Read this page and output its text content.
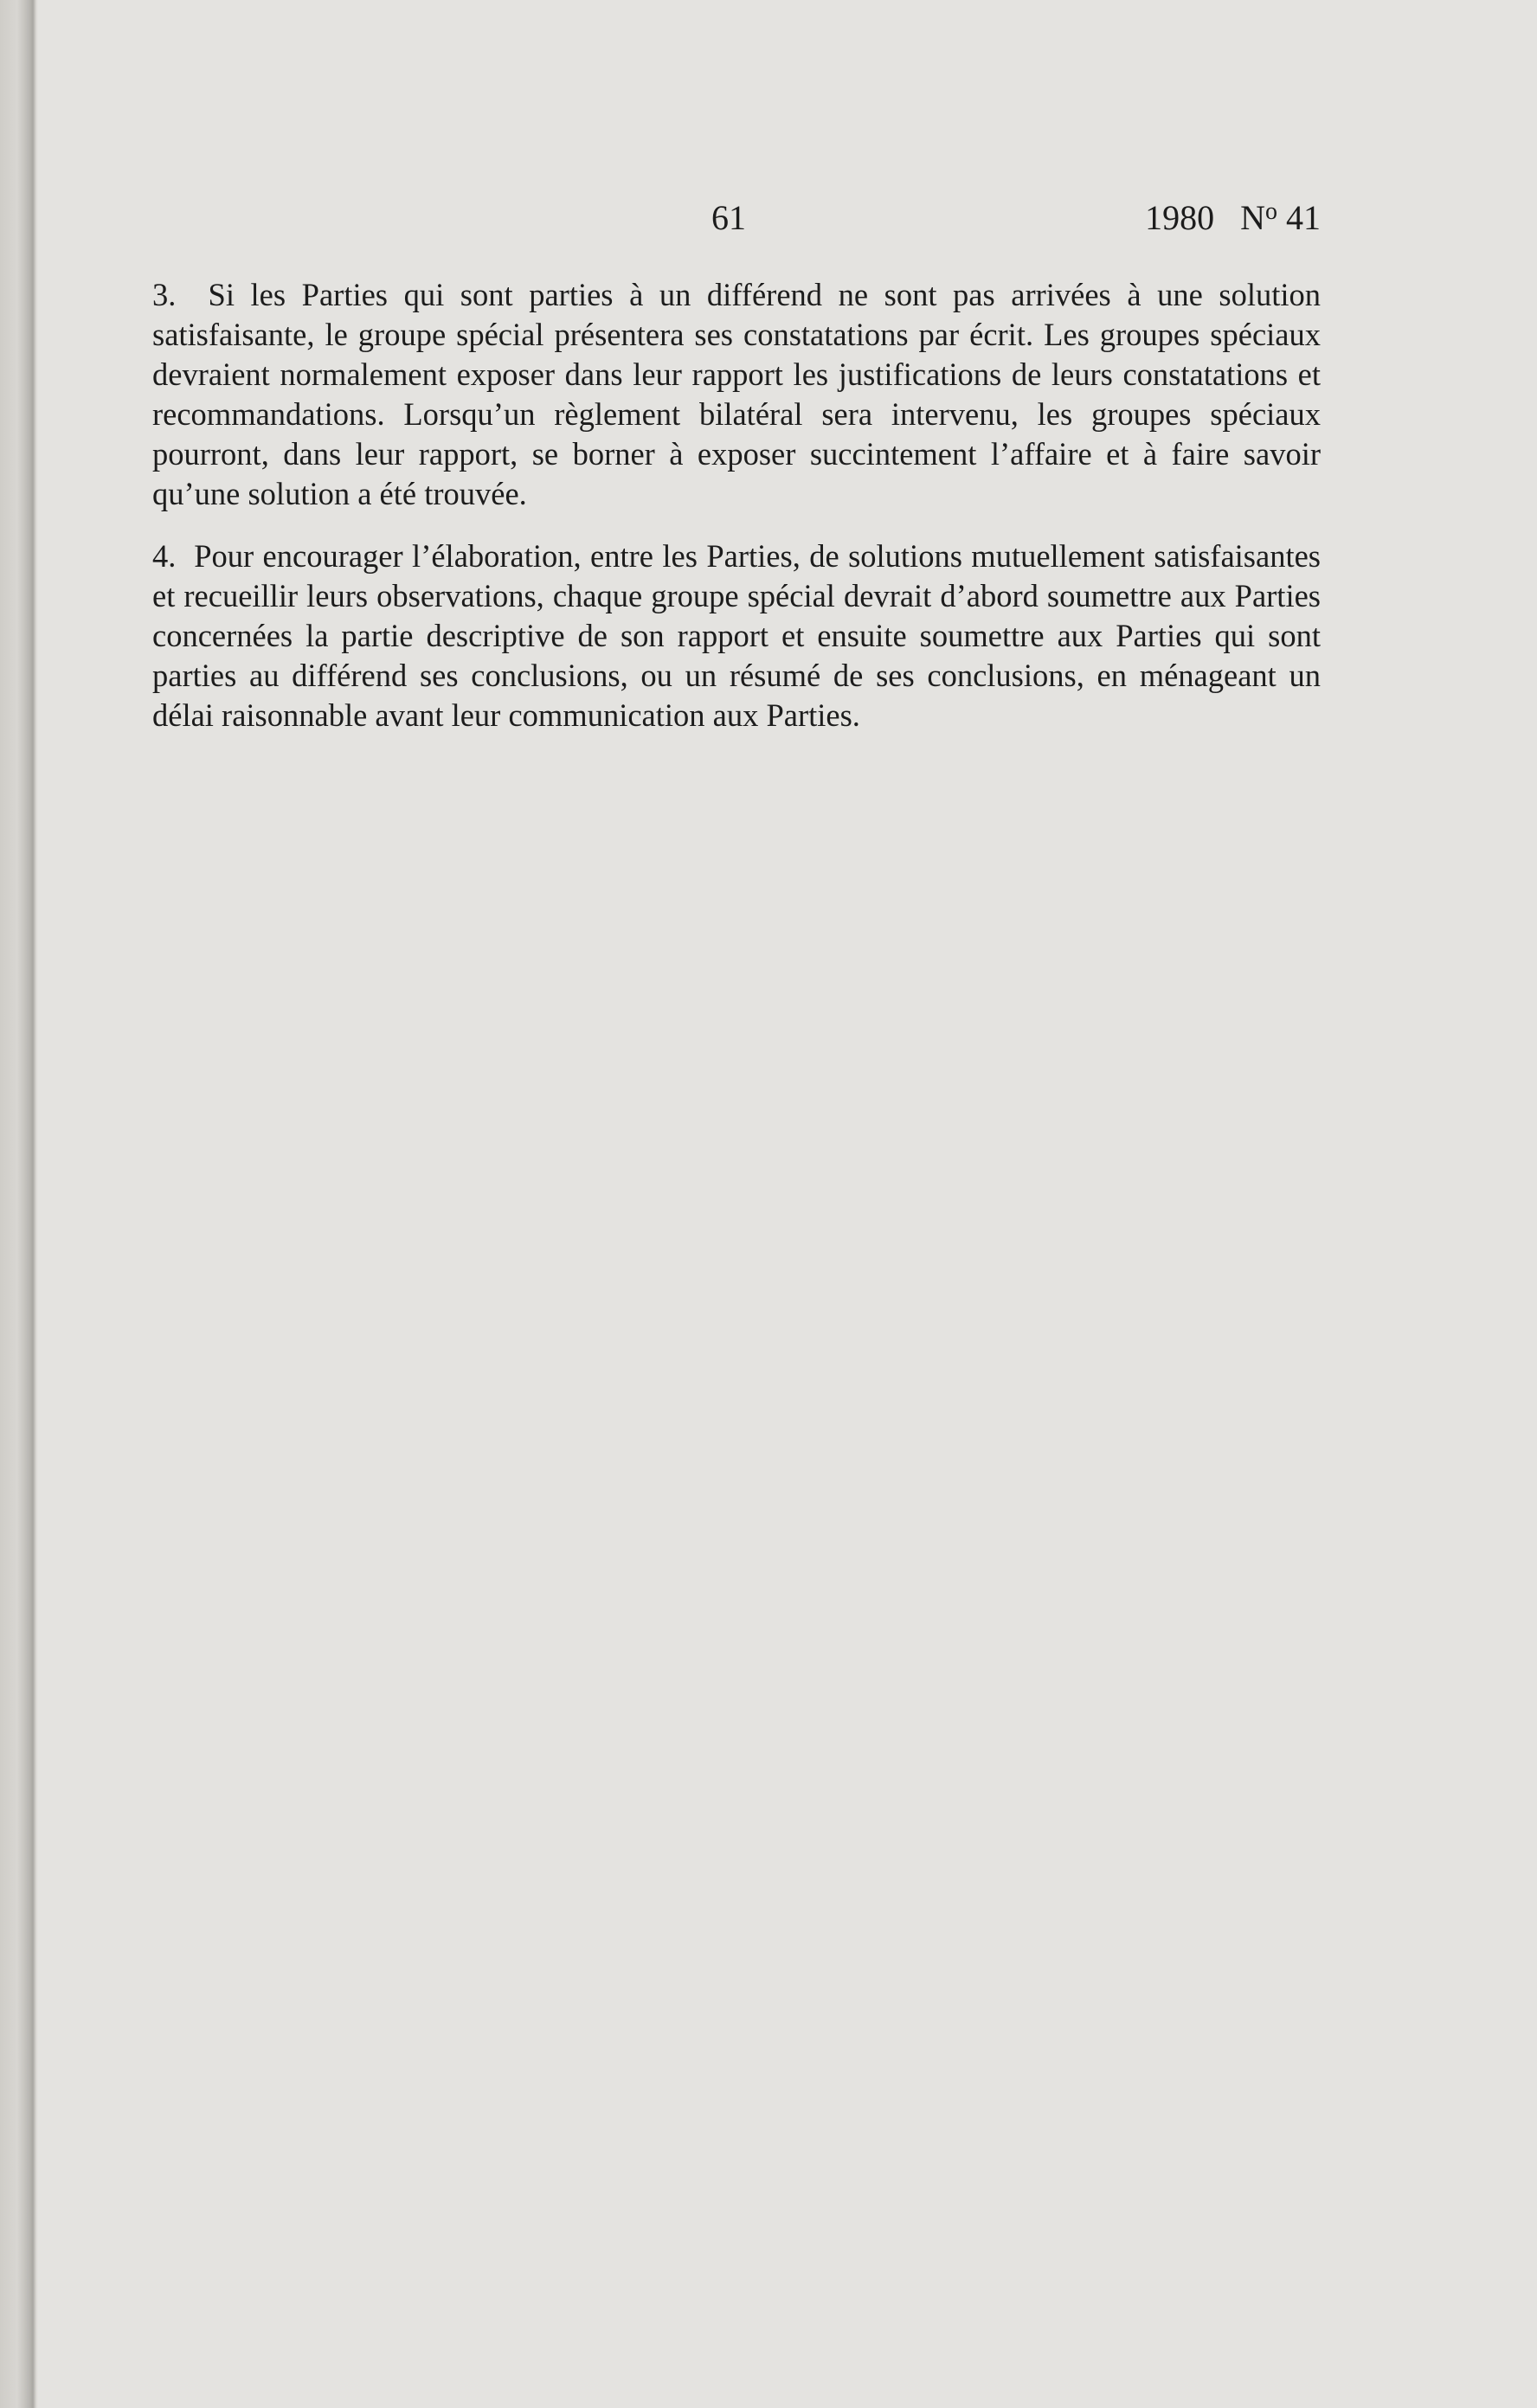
61	1980 $N^o$ 41

3. Si les Parties qui sont parties à un différend ne sont pas arrivées à une solution satisfaisante, le groupe spécial présentera ses constatations par écrit. Les groupes spéciaux devraient normalement exposer dans leur rapport les justifications de leurs constatations et recommandations. Lorsqu’un règlement bilatéral sera intervenu, les groupes spéciaux pourront, dans leur rapport, se borner à exposer succintement l’affaire et à faire savoir qu’une solution a été trouvée.

4. Pour encourager l’élaboration, entre les Parties, de solutions mutuellement satisfaisantes et recueillir leurs observations, chaque groupe spécial devrait d’abord soumettre aux Parties concernées la partie descriptive de son rapport et ensuite soumettre aux Parties qui sont parties au différend ses conclusions, ou un résumé de ses conclusions, en ménageant un délai raisonnable avant leur communication aux Parties.
